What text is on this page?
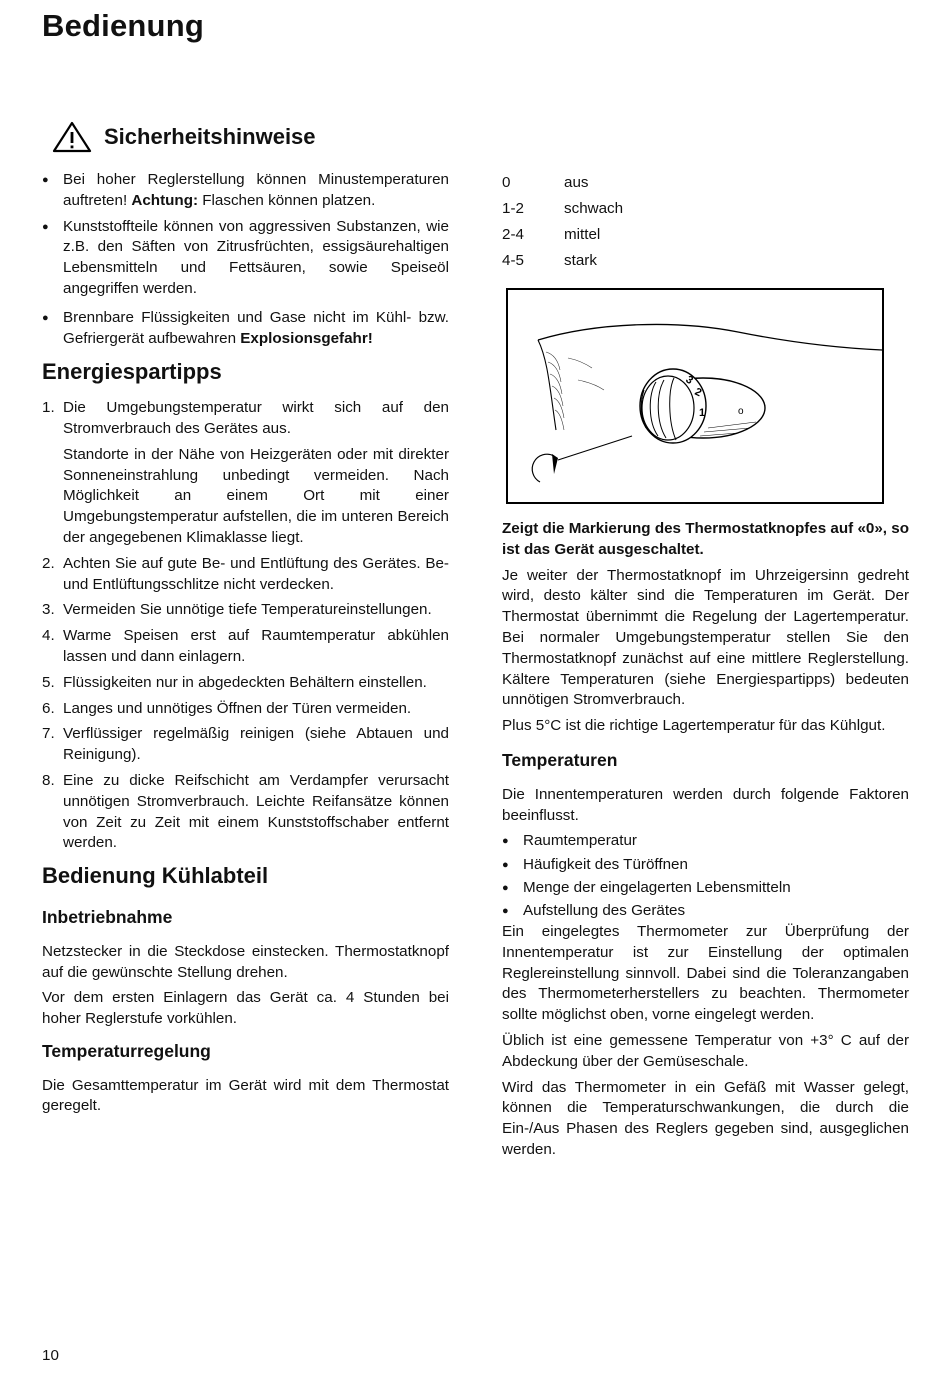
Bedienung
Sicherheitshinweise
● Bei hoher Reglerstellung können Minustemperaturen auftreten! Achtung: Flaschen können platzen.
● Kunststoffteile können von aggressiven Substanzen, wie z.B. den Säften von Zitrusfrüchten, essigsäurehaltigen Lebensmitteln und Fettsäuren, sowie Speiseöl angegriffen werden.
● Brennbare Flüssigkeiten und Gase nicht im Kühl- bzw. Gefriergerät aufbewahren Explosionsgefahr!
Energiespartipps
1. Die Umgebungstemperatur wirkt sich auf den Stromverbrauch des Gerätes aus.

Standorte in der Nähe von Heizgeräten oder mit direkter Sonneneinstrahlung unbedingt vermeiden. Nach Möglichkeit an einem Ort mit einer Umgebungstemperatur aufstellen, die im unteren Bereich der angegebenen Klimaklasse liegt.

2. Achten Sie auf gute Be- und Entlüftung des Gerätes. Be- und Entlüftungsschlitze nicht verdecken.

3. Vermeiden Sie unnötige tiefe Temperatureinstellungen.

4. Warme Speisen erst auf Raumtemperatur abkühlen lassen und dann einlagern.

5. Flüssigkeiten nur in abgedeckten Behältern einstellen.

6. Langes und unnötiges Öffnen der Türen vermeiden.

7. Verflüssiger regelmäßig reinigen (siehe Abtauen und Reinigung).

8. Eine zu dicke Reifschicht am Verdampfer verursacht unnötigen Stromverbrauch. Leichte Reifansätze können von Zeit zu Zeit mit einem Kunststoffschaber entfernt werden.

Bedienung Kühlabteil
Inbetriebnahme

Netzstecker in die Steckdose einstecken. Thermostatknopf auf die gewünschte Stellung drehen.

Vor dem ersten Einlagern das Gerät ca. 4 Stunden bei hoher Reglerstufe vorkühlen.

Temperaturregelung

Die Gesamttemperatur im Gerät wird mit dem Thermostat geregelt.

0	aus
1-2	schwach
2-4	mittel
4-5	stark
3
2
1	o

Zeigt die Markierung des Thermostatknopfes auf «0», so ist das Gerät ausgeschaltet.

Je weiter der Thermostatknopf im Uhrzeigersinn gedreht wird, desto kälter sind die Temperaturen im Gerät. Der Thermostat übernimmt die Regelung der Lagertemperatur. Bei normaler Umgebungstemperatur stellen Sie den Thermostatknopf zunächst auf eine mittlere Reglerstellung. Kältere Temperaturen (siehe Energiespartipps) bedeuten unnötigen Stromverbrauch.

Plus 5°C ist die richtige Lagertemperatur für das Kühlgut.

Temperaturen

Die Innentemperaturen werden durch folgende Faktoren beeinflusst.

● Raumtemperatur
● Häufigkeit des Türöffnen
● Menge der eingelagerten Lebensmitteln
● Aufstellung des Gerätes

Ein eingelegtes Thermometer zur Überprüfung der Innentemperatur ist zur Einstellung der optimalen Reglereinstellung sinnvoll. Dabei sind die Toleranzangaben des Thermometerherstellers zu beachten. Thermometer sollte möglichst oben, vorne eingelegt werden.

Üblich ist eine gemessene Temperatur von +3° C auf der Abdeckung über der Gemüseschale.

Wird das Thermometer in ein Gefäß mit Wasser gelegt, können die Temperaturschwankungen, die durch die Ein-/Aus Phasen des Reglers gegeben sind, ausgeglichen werden.

10
